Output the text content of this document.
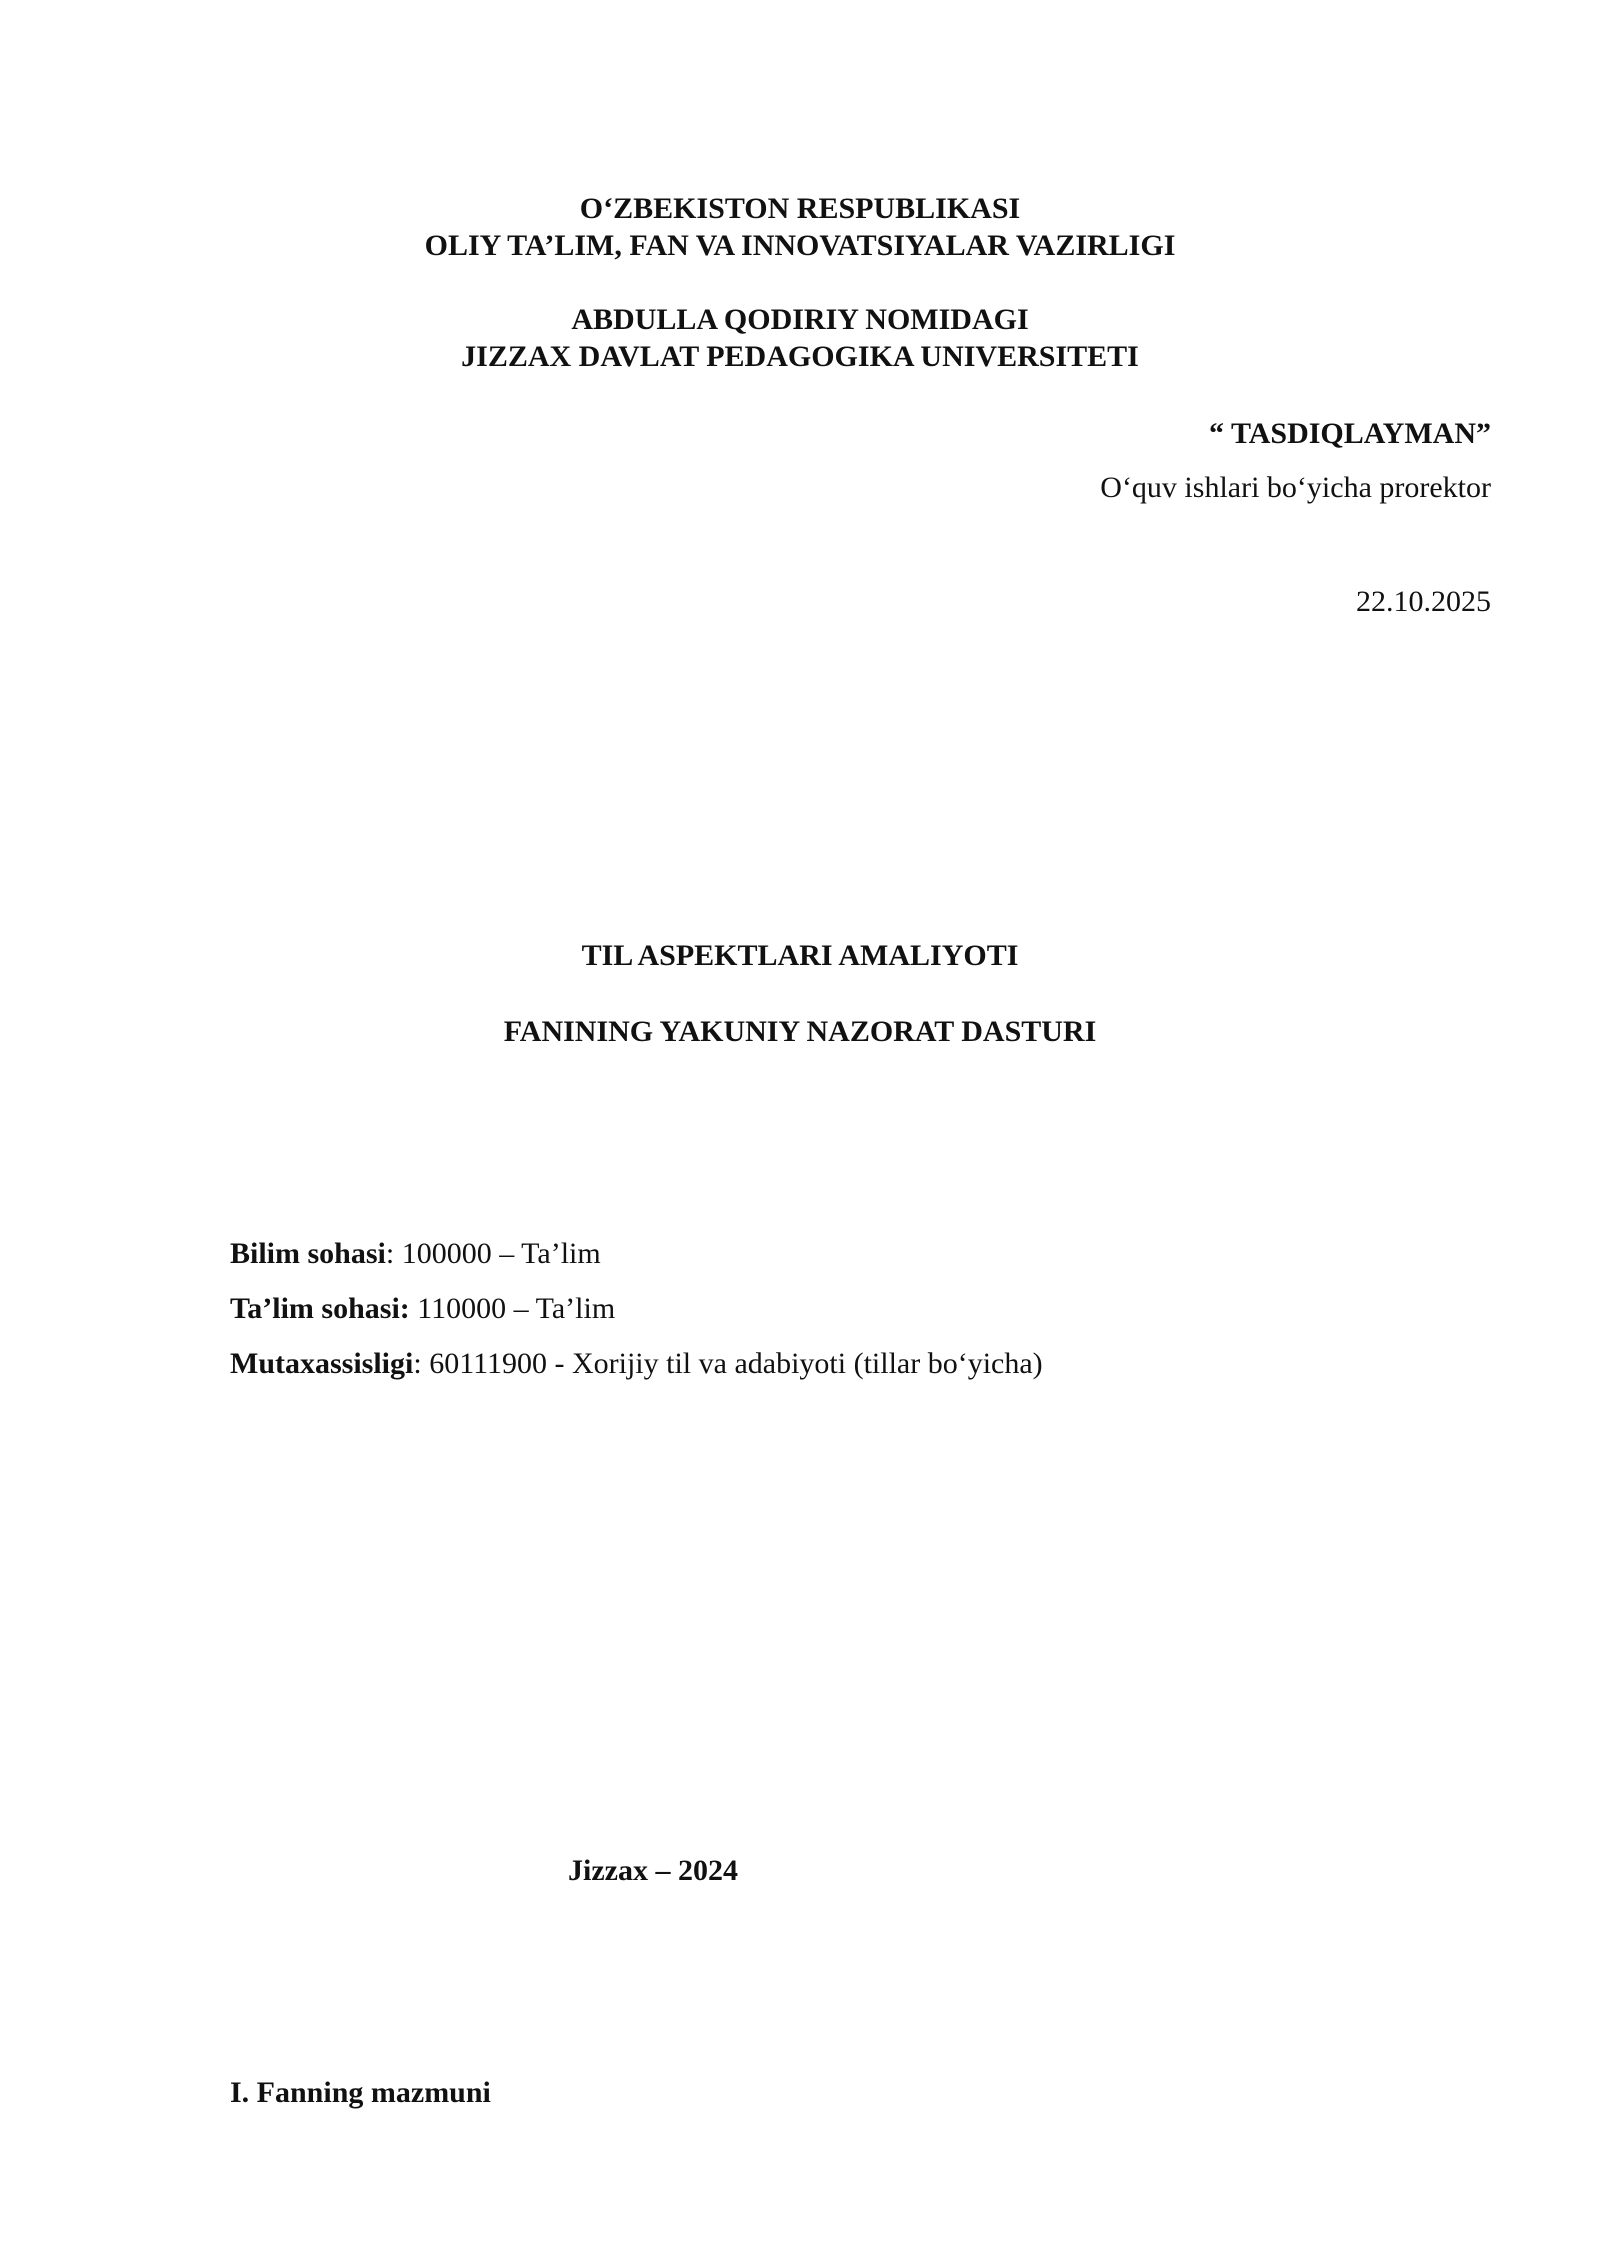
O‘ZBEKISTON RESPUBLIKASI
OLIY TA’LIM, FAN VA INNOVATSIYALAR VAZIRLIGI
ABDULLA QODIRIY NOMIDAGI
JIZZAX DAVLAT PEDAGOGIKA UNIVERSITETI
“ TASDIQLAYMAN”
O‘quv ishlari bo‘yicha prorektor
22.10.2025
TIL ASPEKTLARI AMALIYOTI
FANINING YAKUNIY NAZORAT DASTURI
Bilim sohasi: 100000 – Ta’lim
Ta’lim sohasi: 110000 – Ta’lim
Mutaxassisligi: 60111900 - Xorijiy til va adabiyoti (tillar bo‘yicha)
Jizzax – 2024
I. Fanning mazmuni
